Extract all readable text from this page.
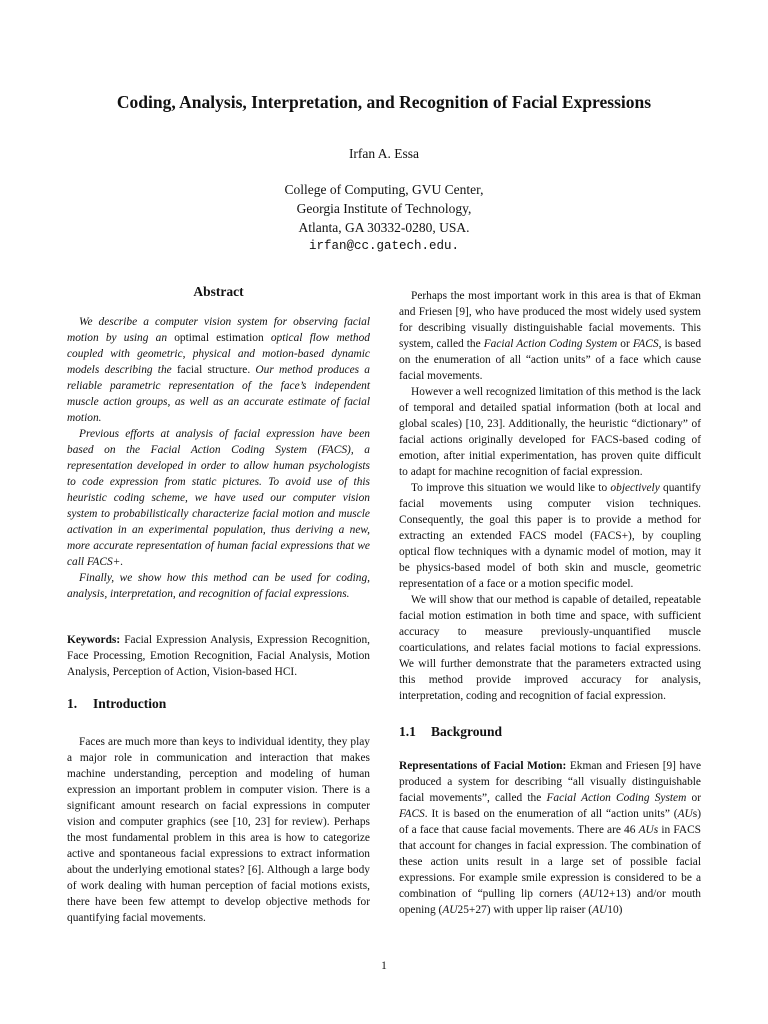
Coding, Analysis, Interpretation, and Recognition of Facial Expressions
Irfan A. Essa
College of Computing, GVU Center,
Georgia Institute of Technology,
Atlanta, GA 30332-0280, USA.
irfan@cc.gatech.edu.
Abstract

We describe a computer vision system for observing facial motion by using an optimal estimation optical flow method coupled with geometric, physical and motion-based dynamic models describing the facial structure. Our method produces a reliable parametric representation of the face’s independent muscle action groups, as well as an accurate estimate of facial motion.

Previous efforts at analysis of facial expression have been based on the Facial Action Coding System (FACS), a representation developed in order to allow human psychologists to code expression from static pictures. To avoid use of this heuristic coding scheme, we have used our computer vision system to probabilistically characterize facial motion and muscle activation in an experimental population, thus deriving a new, more accurate representation of human facial expressions that we call FACS+.

Finally, we show how this method can be used for coding, analysis, interpretation, and recognition of facial expressions.

Keywords: Facial Expression Analysis, Expression Recognition, Face Processing, Emotion Recognition, Facial Analysis, Motion Analysis, Perception of Action, Vision-based HCI.

1. Introduction

Faces are much more than keys to individual identity, they play a major role in communication and interaction that makes machine understanding, perception and modeling of human expression an important problem in computer vision. There is a significant amount research on facial expressions in computer vision and computer graphics (see [10, 23] for review). Perhaps the most fundamental problem in this area is how to categorize active and spontaneous facial expressions to extract information about the underlying emotional states? [6]. Although a large body of work dealing with human perception of facial motions exists, there have been few attempt to develop objective methods for quantifying facial movements.

Perhaps the most important work in this area is that of Ekman and Friesen [9], who have produced the most widely used system for describing visually distinguishable facial movements. This system, called the Facial Action Coding System or FACS, is based on the enumeration of all “action units” of a face which cause facial movements.

However a well recognized limitation of this method is the lack of temporal and detailed spatial information (both at local and global scales) [10, 23]. Additionally, the heuristic “dictionary” of facial actions originally developed for FACS-based coding of emotion, after initial experimentation, has proven quite difficult to adapt for machine recognition of facial expression.

To improve this situation we would like to objectively quantify facial movements using computer vision techniques. Consequently, the goal this paper is to provide a method for extracting an extended FACS model (FACS+), by coupling optical flow techniques with a dynamic model of motion, may it be physics-based model of both skin and muscle, geometric representation of a face or a motion specific model.

We will show that our method is capable of detailed, repeatable facial motion estimation in both time and space, with sufficient accuracy to measure previously-unquantified muscle coarticulations, and relates facial motions to facial expressions. We will further demonstrate that the parameters extracted using this method provide improved accuracy for analysis, interpretation, coding and recognition of facial expression.

1.1 Background

Representations of Facial Motion: Ekman and Friesen [9] have produced a system for describing “all visually distinguishable facial movements”, called the Facial Action Coding System or FACS. It is based on the enumeration of all “action units” (AUs) of a face that cause facial movements. There are 46 AUs in FACS that account for changes in facial expression. The combination of these action units result in a large set of possible facial expressions. For example smile expression is considered to be a combination of “pulling lip corners (AU12+13) and/or mouth opening (AU25+27) with upper lip raiser (AU10)

1
